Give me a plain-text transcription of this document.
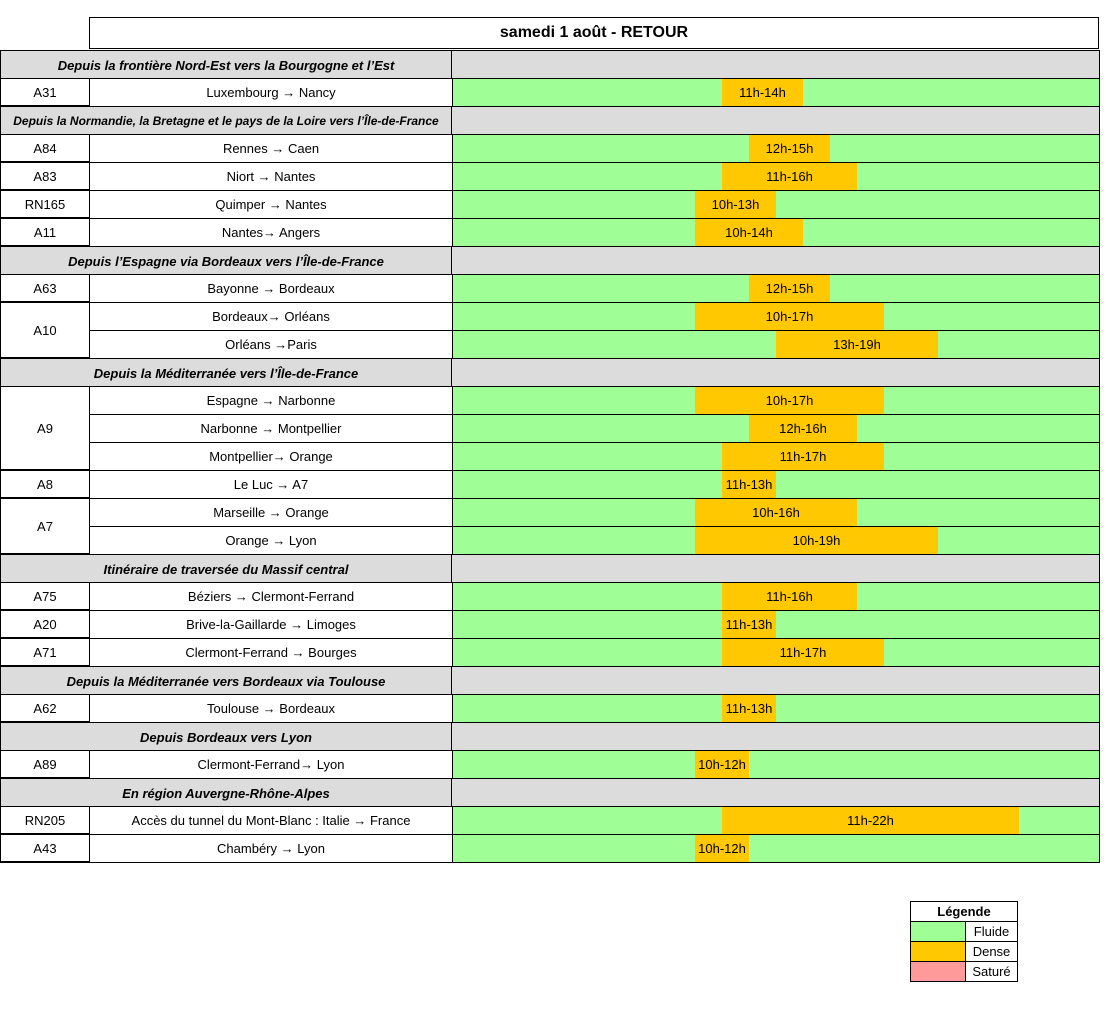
samedi 1 août - RETOUR
Depuis la frontière Nord-Est vers la Bourgogne et l’Est
A31	Luxembourg → Nancy	11h-14h
Depuis la Normandie, la Bretagne et le pays de la Loire vers l’Île-de-France
A84	Rennes → Caen	12h-15h
A83	Niort → Nantes	11h-16h
RN165	Quimper → Nantes	10h-13h
A11	Nantes→ Angers	10h-14h
Depuis l’Espagne via Bordeaux vers l’Île-de-France
A63	Bayonne → Bordeaux	12h-15h
A10
Bordeaux→ Orléans	10h-17h
Orléans →Paris	13h-19h
Depuis la Méditerranée vers l’Île-de-France
A9
Espagne → Narbonne	10h-17h
Narbonne → Montpellier	12h-16h
Montpellier→ Orange	11h-17h
A8	Le Luc → A7	11h-13h
A7
Marseille → Orange	10h-16h
Orange → Lyon	10h-19h
Itinéraire de traversée du Massif central
A75	Béziers → Clermont-Ferrand	11h-16h
A20	Brive-la-Gaillarde → Limoges	11h-13h
A71	Clermont-Ferrand → Bourges	11h-17h
Depuis la Méditerranée vers Bordeaux via Toulouse
A62	Toulouse → Bordeaux	11h-13h
Depuis Bordeaux vers Lyon
A89	Clermont-Ferrand→ Lyon	10h-12h
En région Auvergne-Rhône-Alpes
RN205	Accès du tunnel du Mont-Blanc : Italie → France	11h-22h
A43	Chambéry → Lyon	10h-12h
Légende
Fluide
Dense
Saturé
